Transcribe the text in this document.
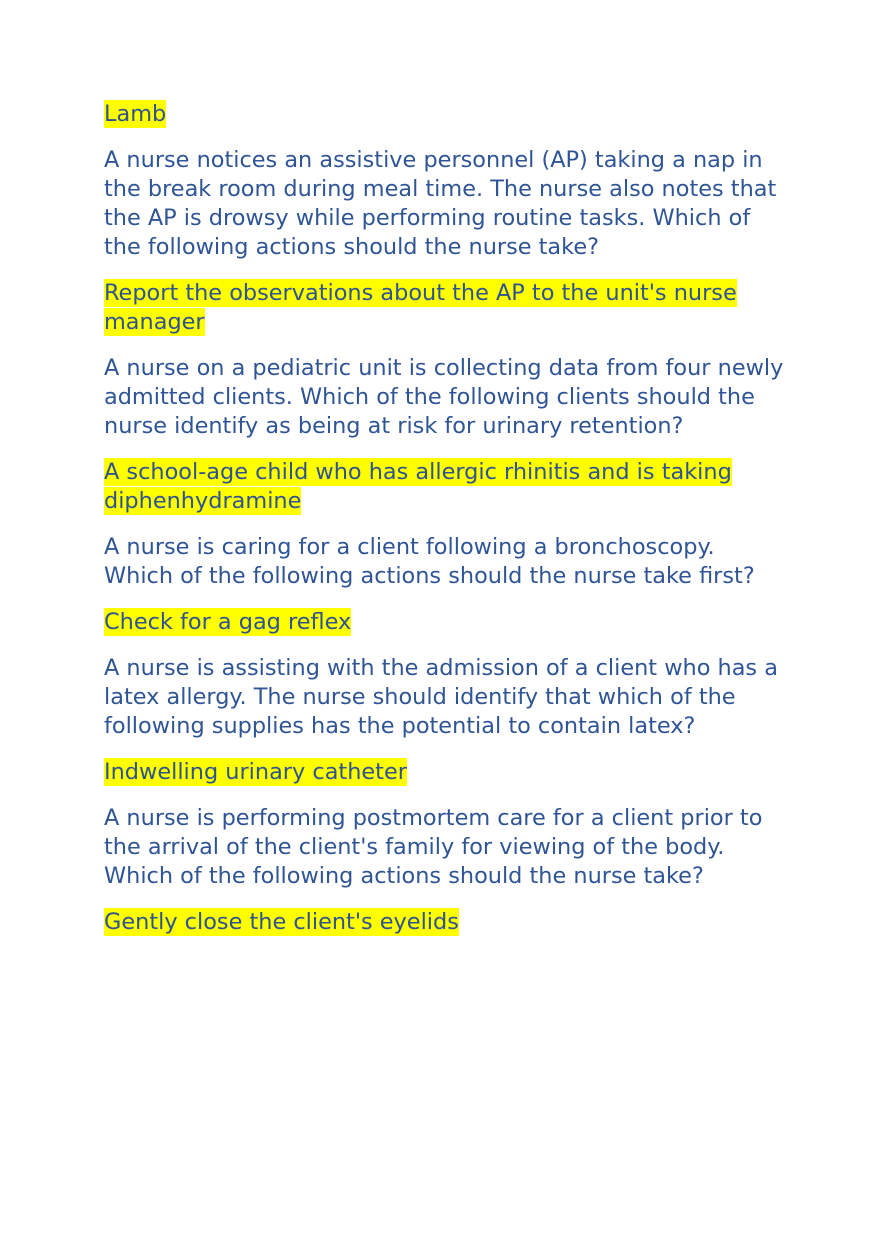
Lamb

A nurse notices an assistive personnel (AP) taking a nap in the break room during meal time. The nurse also notes that the AP is drowsy while performing routine tasks. Which of the following actions should the nurse take?

Report the observations about the AP to the unit's nurse manager

A nurse on a pediatric unit is collecting data from four newly admitted clients. Which of the following clients should the nurse identify as being at risk for urinary retention?

A school-age child who has allergic rhinitis and is taking diphenhydramine

A nurse is caring for a client following a bronchoscopy. Which of the following actions should the nurse take first?

Check for a gag reflex

A nurse is assisting with the admission of a client who has a latex allergy. The nurse should identify that which of the following supplies has the potential to contain latex?

Indwelling urinary catheter

A nurse is performing postmortem care for a client prior to the arrival of the client's family for viewing of the body. Which of the following actions should the nurse take?

Gently close the client's eyelids
